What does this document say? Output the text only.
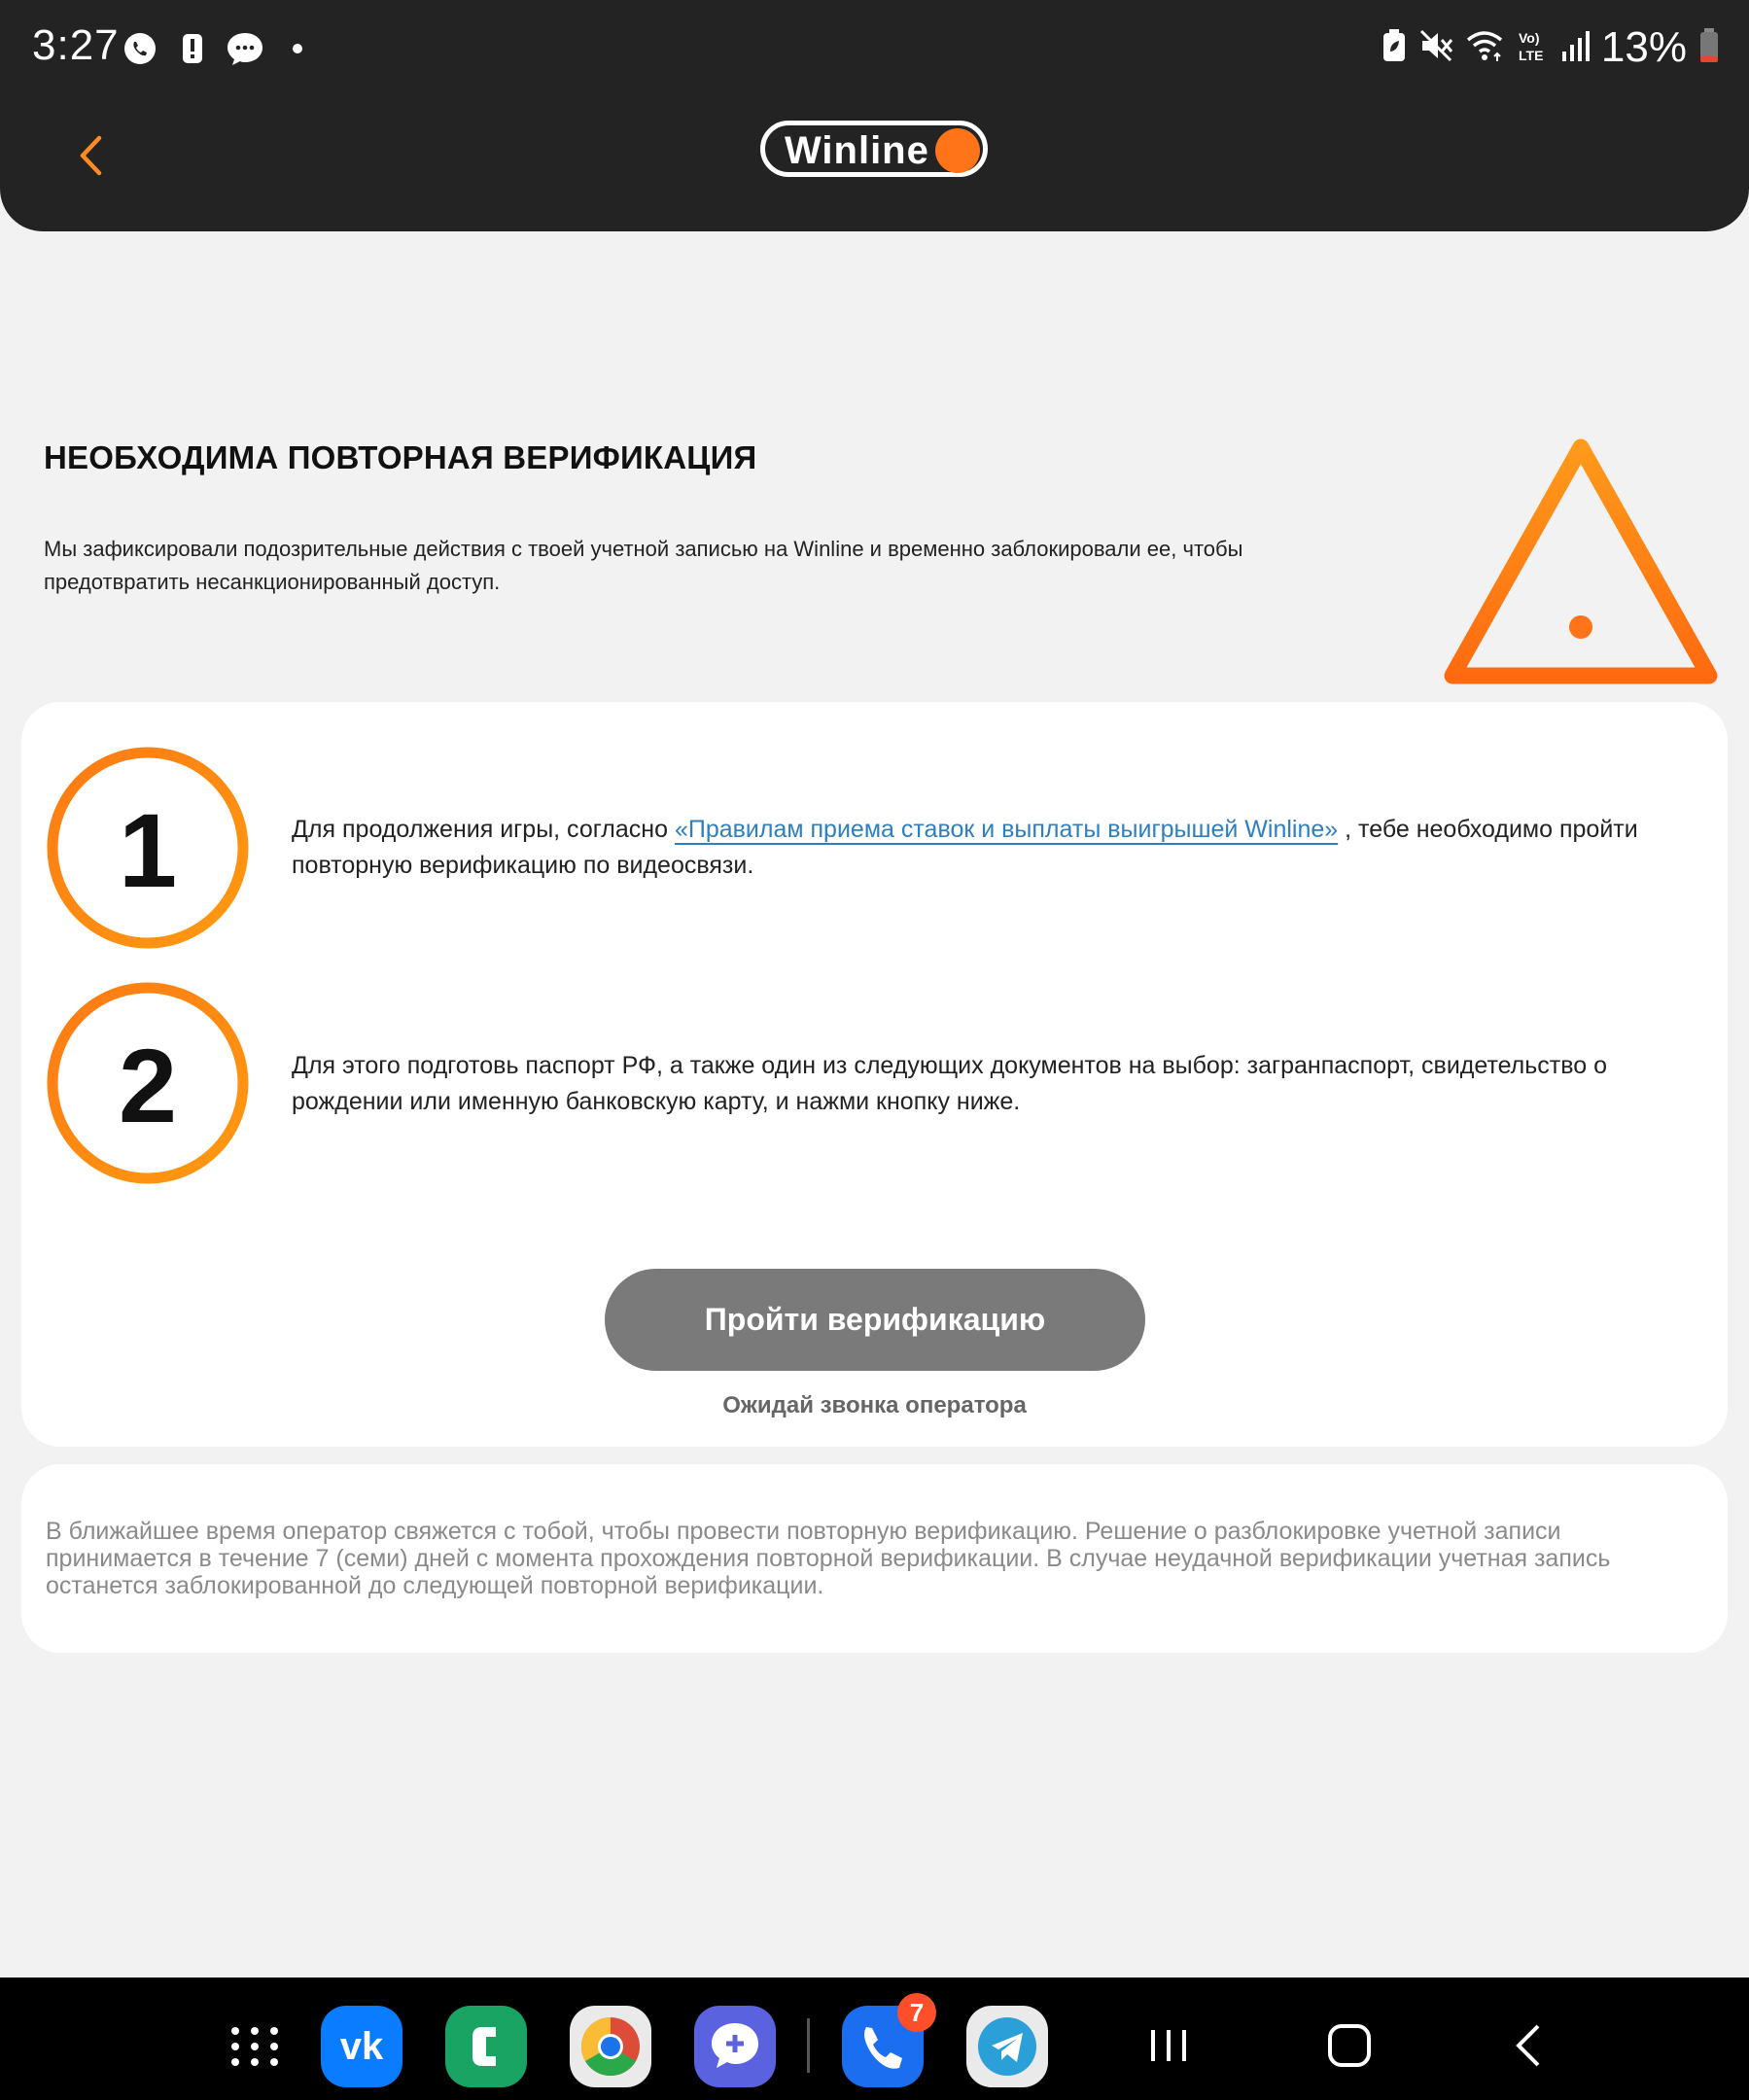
3:27	Vo)
LTE 13%
Winline
НЕОБХОДИМА ПОВТОРНАЯ ВЕРИФИКАЦИЯ
Мы зафиксировали подозрительные действия с твоей учетной записью на Winline и временно заблокировали ее, чтобы предотвратить несанкционированный доступ.
1	Для продолжения игры, согласно «Правилам приема ставок и выплаты выигрышей Winline» , тебе необходимо пройти повторную верификацию по видеосвязи.
2	Для этого подготовь паспорт РФ, а также один из следующих документов на выбор: загранпаспорт, свидетельство о рождении или именную банковскую карту, и нажми кнопку ниже.
Пройти верификацию
Ожидай звонка оператора
В ближайшее время оператор свяжется с тобой, чтобы провести повторную верификацию. Решение о разблокировке учетной записи принимается в течение 7 (семи) дней с момента прохождения повторной верификации. В случае неудачной верификации учетная запись останется заблокированной до следующей повторной верификации.
vk
7
